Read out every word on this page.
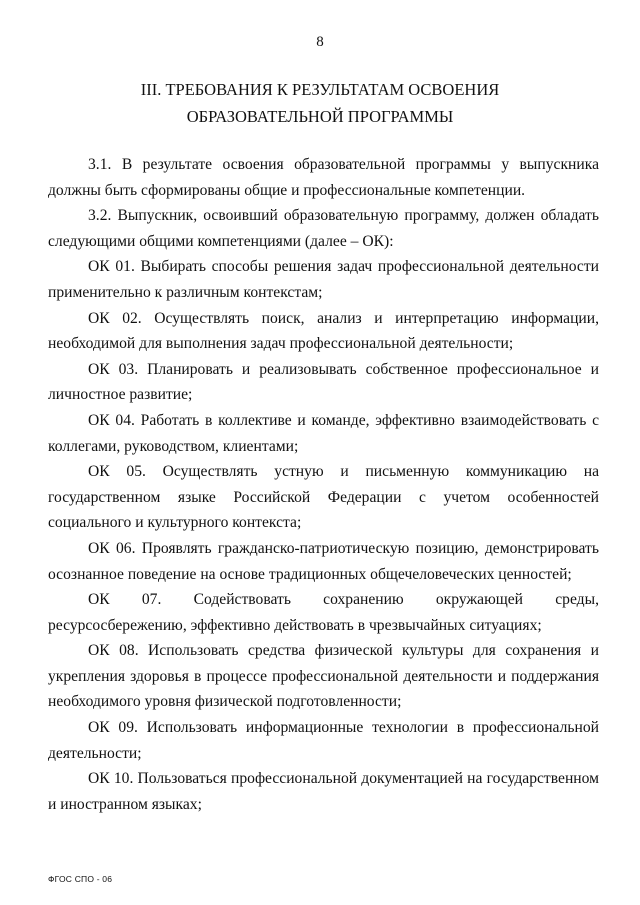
8
III. ТРЕБОВАНИЯ К РЕЗУЛЬТАТАМ ОСВОЕНИЯ
ОБРАЗОВАТЕЛЬНОЙ ПРОГРАММЫ

3.1. В результате освоения образовательной программы у выпускника должны быть сформированы общие и профессиональные компетенции.

3.2. Выпускник, освоивший образовательную программу, должен обладать следующими общими компетенциями (далее – ОК):

ОК 01. Выбирать способы решения задач профессиональной деятельности применительно к различным контекстам;

ОК 02. Осуществлять поиск, анализ и интерпретацию информации, необходимой для выполнения задач профессиональной деятельности;

ОК 03. Планировать и реализовывать собственное профессиональное и личностное развитие;

ОК 04. Работать в коллективе и команде, эффективно взаимодействовать с коллегами, руководством, клиентами;

ОК 05. Осуществлять устную и письменную коммуникацию на государственном языке Российской Федерации с учетом особенностей социального и культурного контекста;

ОК 06. Проявлять гражданско-патриотическую позицию, демонстрировать осознанное поведение на основе традиционных общечеловеческих ценностей;

ОК 07. Содействовать сохранению окружающей среды, ресурсосбережению, эффективно действовать в чрезвычайных ситуациях;

ОК 08. Использовать средства физической культуры для сохранения и укрепления здоровья в процессе профессиональной деятельности и поддержания необходимого уровня физической подготовленности;

ОК 09. Использовать информационные технологии в профессиональной деятельности;

ОК 10. Пользоваться профессиональной документацией на государственном и иностранном языках;

ФГОС СПО - 06
